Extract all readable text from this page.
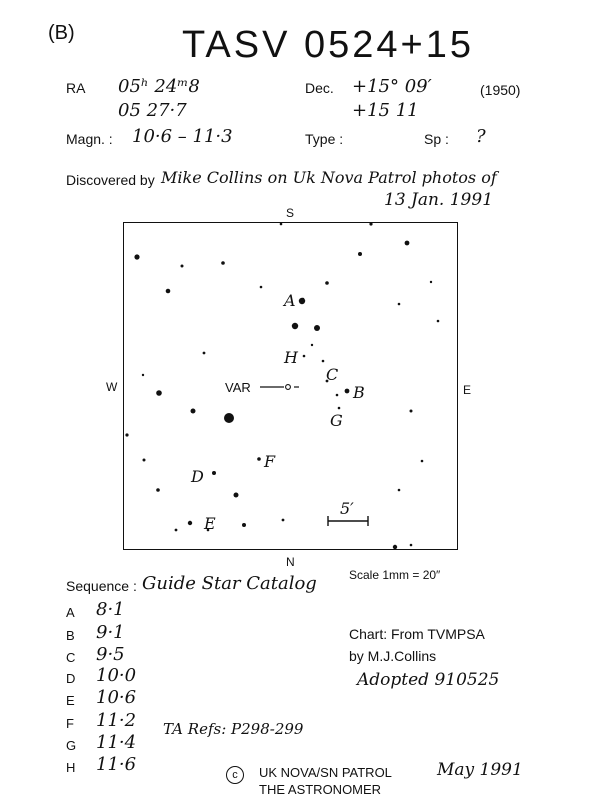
(B)	TASV 0524+15
RA 05ʰ 24ᵐ8
05 27·7
Dec. +15° 09′
+15 11
(1950)
Magn. : 10·6 – 11·3	Type :	Sp : ?
Discovered by Mike Collins on Uk Nova Patrol photos of
13 Jan. 1991
A
B
C
D
E
F
G
H
VAR
5′
S
N
W	E
Scale 1mm = 20″
Sequence : Guide Star Catalog
A 8·1
B 9·1
C 9·5
D 10·0
E 10·6
F 11·2
G 11·4
H 11·6
Chart: From TVMPSA
by M.J.Collins
Adopted 910525
TA Refs: P298-299
c	UK NOVA/SN PATROL
THE ASTRONOMER
May 1991
